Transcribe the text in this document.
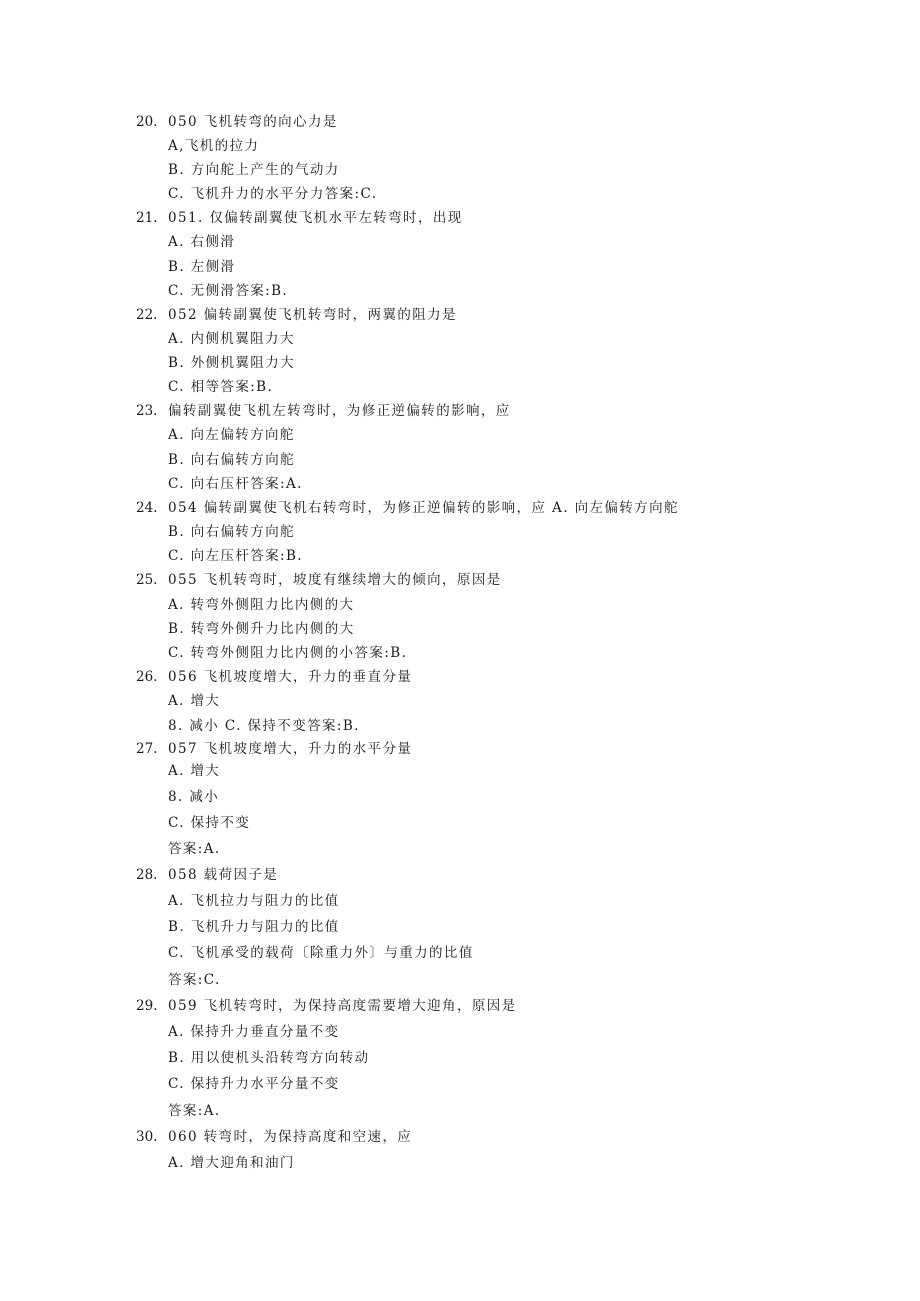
20. 050 飞机转弯的向心力是
A,飞机的拉力
B. 方向舵上产生的气动力
C. 飞机升力的水平分力答案:C.
21. 051. 仅偏转副翼使飞机水平左转弯时，出现
A. 右侧滑
B. 左侧滑
C. 无侧滑答案:B.
22. 052 偏转副翼使飞机转弯时，两翼的阻力是
A. 内侧机翼阻力大
B. 外侧机翼阻力大
C. 相等答案:B.
23. 偏转副翼使飞机左转弯时，为修正逆偏转的影响，应
A. 向左偏转方向舵
B. 向右偏转方向舵
C. 向右压杆答案:A.
24. 054 偏转副翼使飞机右转弯时，为修正逆偏转的影响，应 A. 向左偏转方向舵
B. 向右偏转方向舵
C. 向左压杆答案:B.
25. 055 飞机转弯时，坡度有继续增大的倾向，原因是
A. 转弯外侧阻力比内侧的大
B. 转弯外侧升力比内侧的大
C. 转弯外侧阻力比内侧的小答案:B.
26. 056 飞机坡度增大，升力的垂直分量
A. 增大
8. 减小 C. 保持不变答案:B.
27. 057 飞机坡度增大，升力的水平分量
A. 增大
8. 减小
C. 保持不变
答案:A.
28. 058 载荷因子是
A. 飞机拉力与阻力的比值
B. 飞机升力与阻力的比值
C. 飞机承受的载荷〔除重力外〕与重力的比值
答案:C.
29. 059 飞机转弯时，为保持高度需要增大迎角，原因是
A. 保持升力垂直分量不变
B. 用以使机头沿转弯方向转动
C. 保持升力水平分量不变
答案:A.
30. 060 转弯时，为保持高度和空速，应
A. 增大迎角和油门
